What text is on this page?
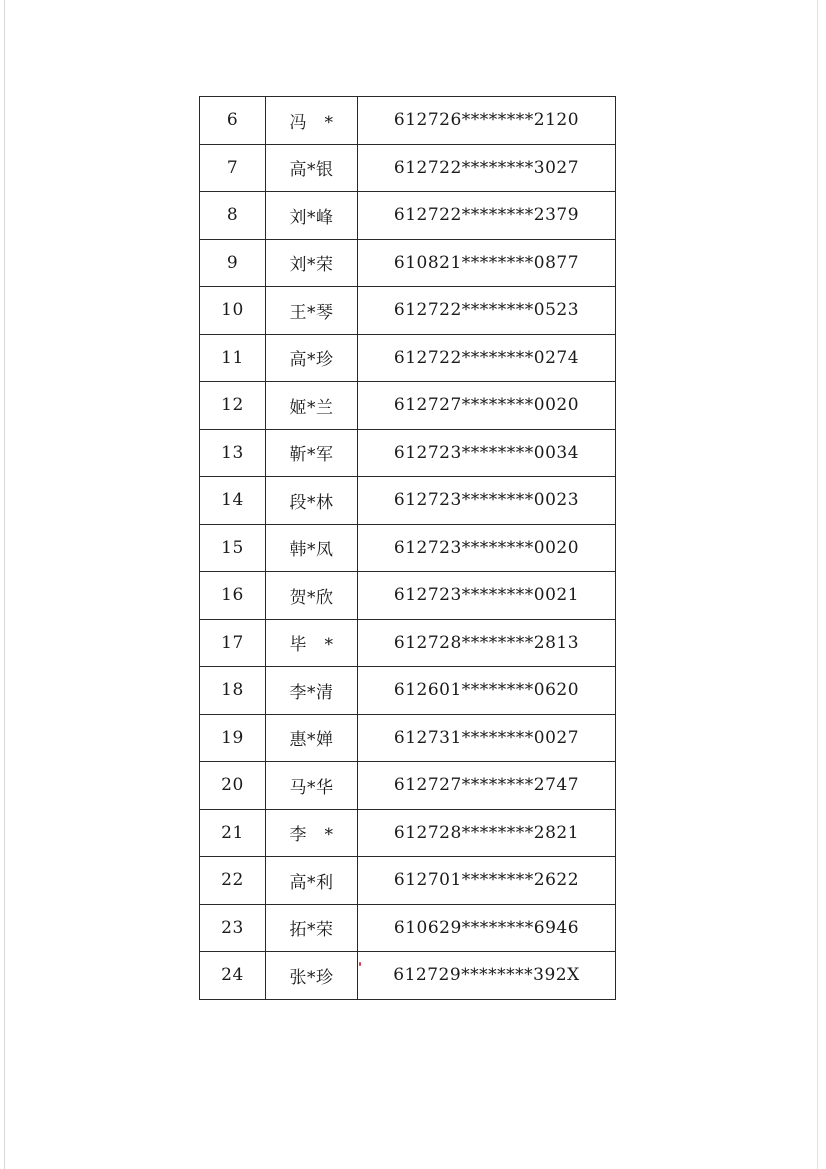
6	冯　*	612726********2120
7	高*银	612722********3027
8	刘*峰	612722********2379
9	刘*荣	610821********0877
10	王*琴	612722********0523
11	高*珍	612722********0274
12	姬*兰	612727********0020
13	靳*军	612723********0034
14	段*林	612723********0023
15	韩*凤	612723********0020
16	贺*欣	612723********0021
17	毕　*	612728********2813
18	李*清	612601********0620
19	惠*婵	612731********0027
20	马*华	612727********2747
21	李　*	612728********2821
22	高*利	612701********2622
23	拓*荣	610629********6946
24	张*珍	612729********392X
